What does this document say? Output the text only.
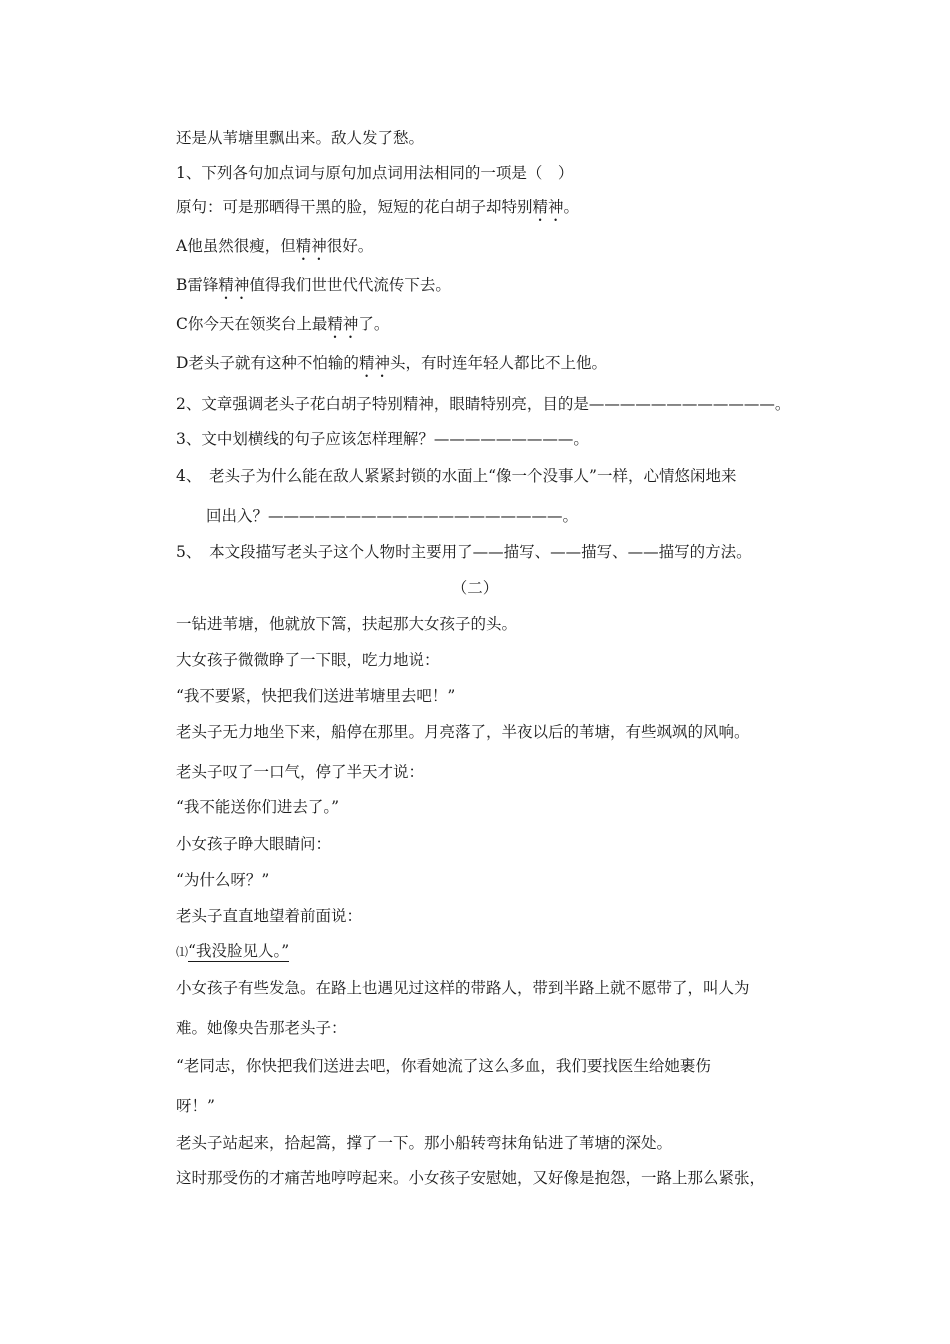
还是从苇塘里飘出来。敌人发了愁。
1、下列各句加点词与原句加点词用法相同的一项是（　）
原句：可是那晒得干黑的脸，短短的花白胡子却特别精神。
A他虽然很瘦，但精神很好。
B雷锋精神值得我们世世代代流传下去。
C你今天在领奖台上最精神了。
D老头子就有这种不怕输的精神头，有时连年轻人都比不上他。
2、文章强调老头子花白胡子特别精神，眼睛特别亮，目的是————————————。
3、文中划横线的句子应该怎样理解？—————————。
4、　老头子为什么能在敌人紧紧封锁的水面上“像一个没事人”一样，心情悠闲地来
回出入？———————————————————。
5、　本文段描写老头子这个人物时主要用了——描写、——描写、——描写的方法。
（二）
一钻进苇塘，他就放下篙，扶起那大女孩子的头。
大女孩子微微睁了一下眼，吃力地说：
“我不要紧，快把我们送进苇塘里去吧！”
老头子无力地坐下来，船停在那里。月亮落了，半夜以后的苇塘，有些飒飒的风响。
老头子叹了一口气，停了半天才说：
“我不能送你们进去了。”
小女孩子睁大眼睛问：
“为什么呀？”
老头子直直地望着前面说：
⑴“我没脸见人。”
小女孩子有些发急。在路上也遇见过这样的带路人，带到半路上就不愿带了，叫人为
难。她像央告那老头子：
“老同志，你快把我们送进去吧，你看她流了这么多血，我们要找医生给她裹伤
呀！”
老头子站起来，拾起篙，撑了一下。那小船转弯抹角钻进了苇塘的深处。
这时那受伤的才痛苦地哼哼起来。小女孩子安慰她，又好像是抱怨，一路上那么紧张，
